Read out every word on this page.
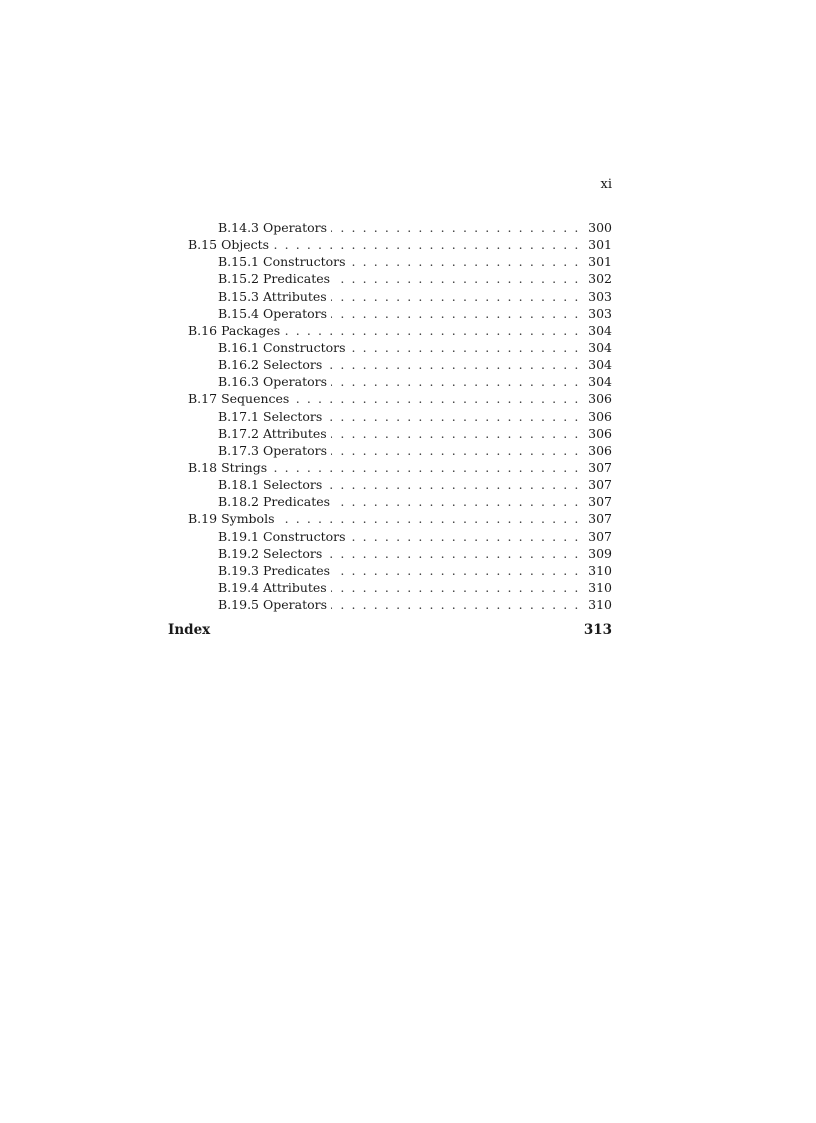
xi
B.14.3 Operators . . .	300
B.15 Objects . . .	301
B.15.1 Constructors . . .	301
B.15.2 Predicates . . .	302
B.15.3 Attributes . . .	303
B.15.4 Operators . . .	303
B.16 Packages . . .	304
B.16.1 Constructors . . .	304
B.16.2 Selectors . . .	304
B.16.3 Operators . . .	304
B.17 Sequences . . .	306
B.17.1 Selectors . . .	306
B.17.2 Attributes . . .	306
B.17.3 Operators . . .	306
B.18 Strings . . .	307
B.18.1 Selectors . . .	307
B.18.2 Predicates . . .	307
B.19 Symbols . . .	307
B.19.1 Constructors . . .	307
B.19.2 Selectors . . .	309
B.19.3 Predicates . . .	310
B.19.4 Attributes . . .	310
B.19.5 Operators . . .	310
Index	313
